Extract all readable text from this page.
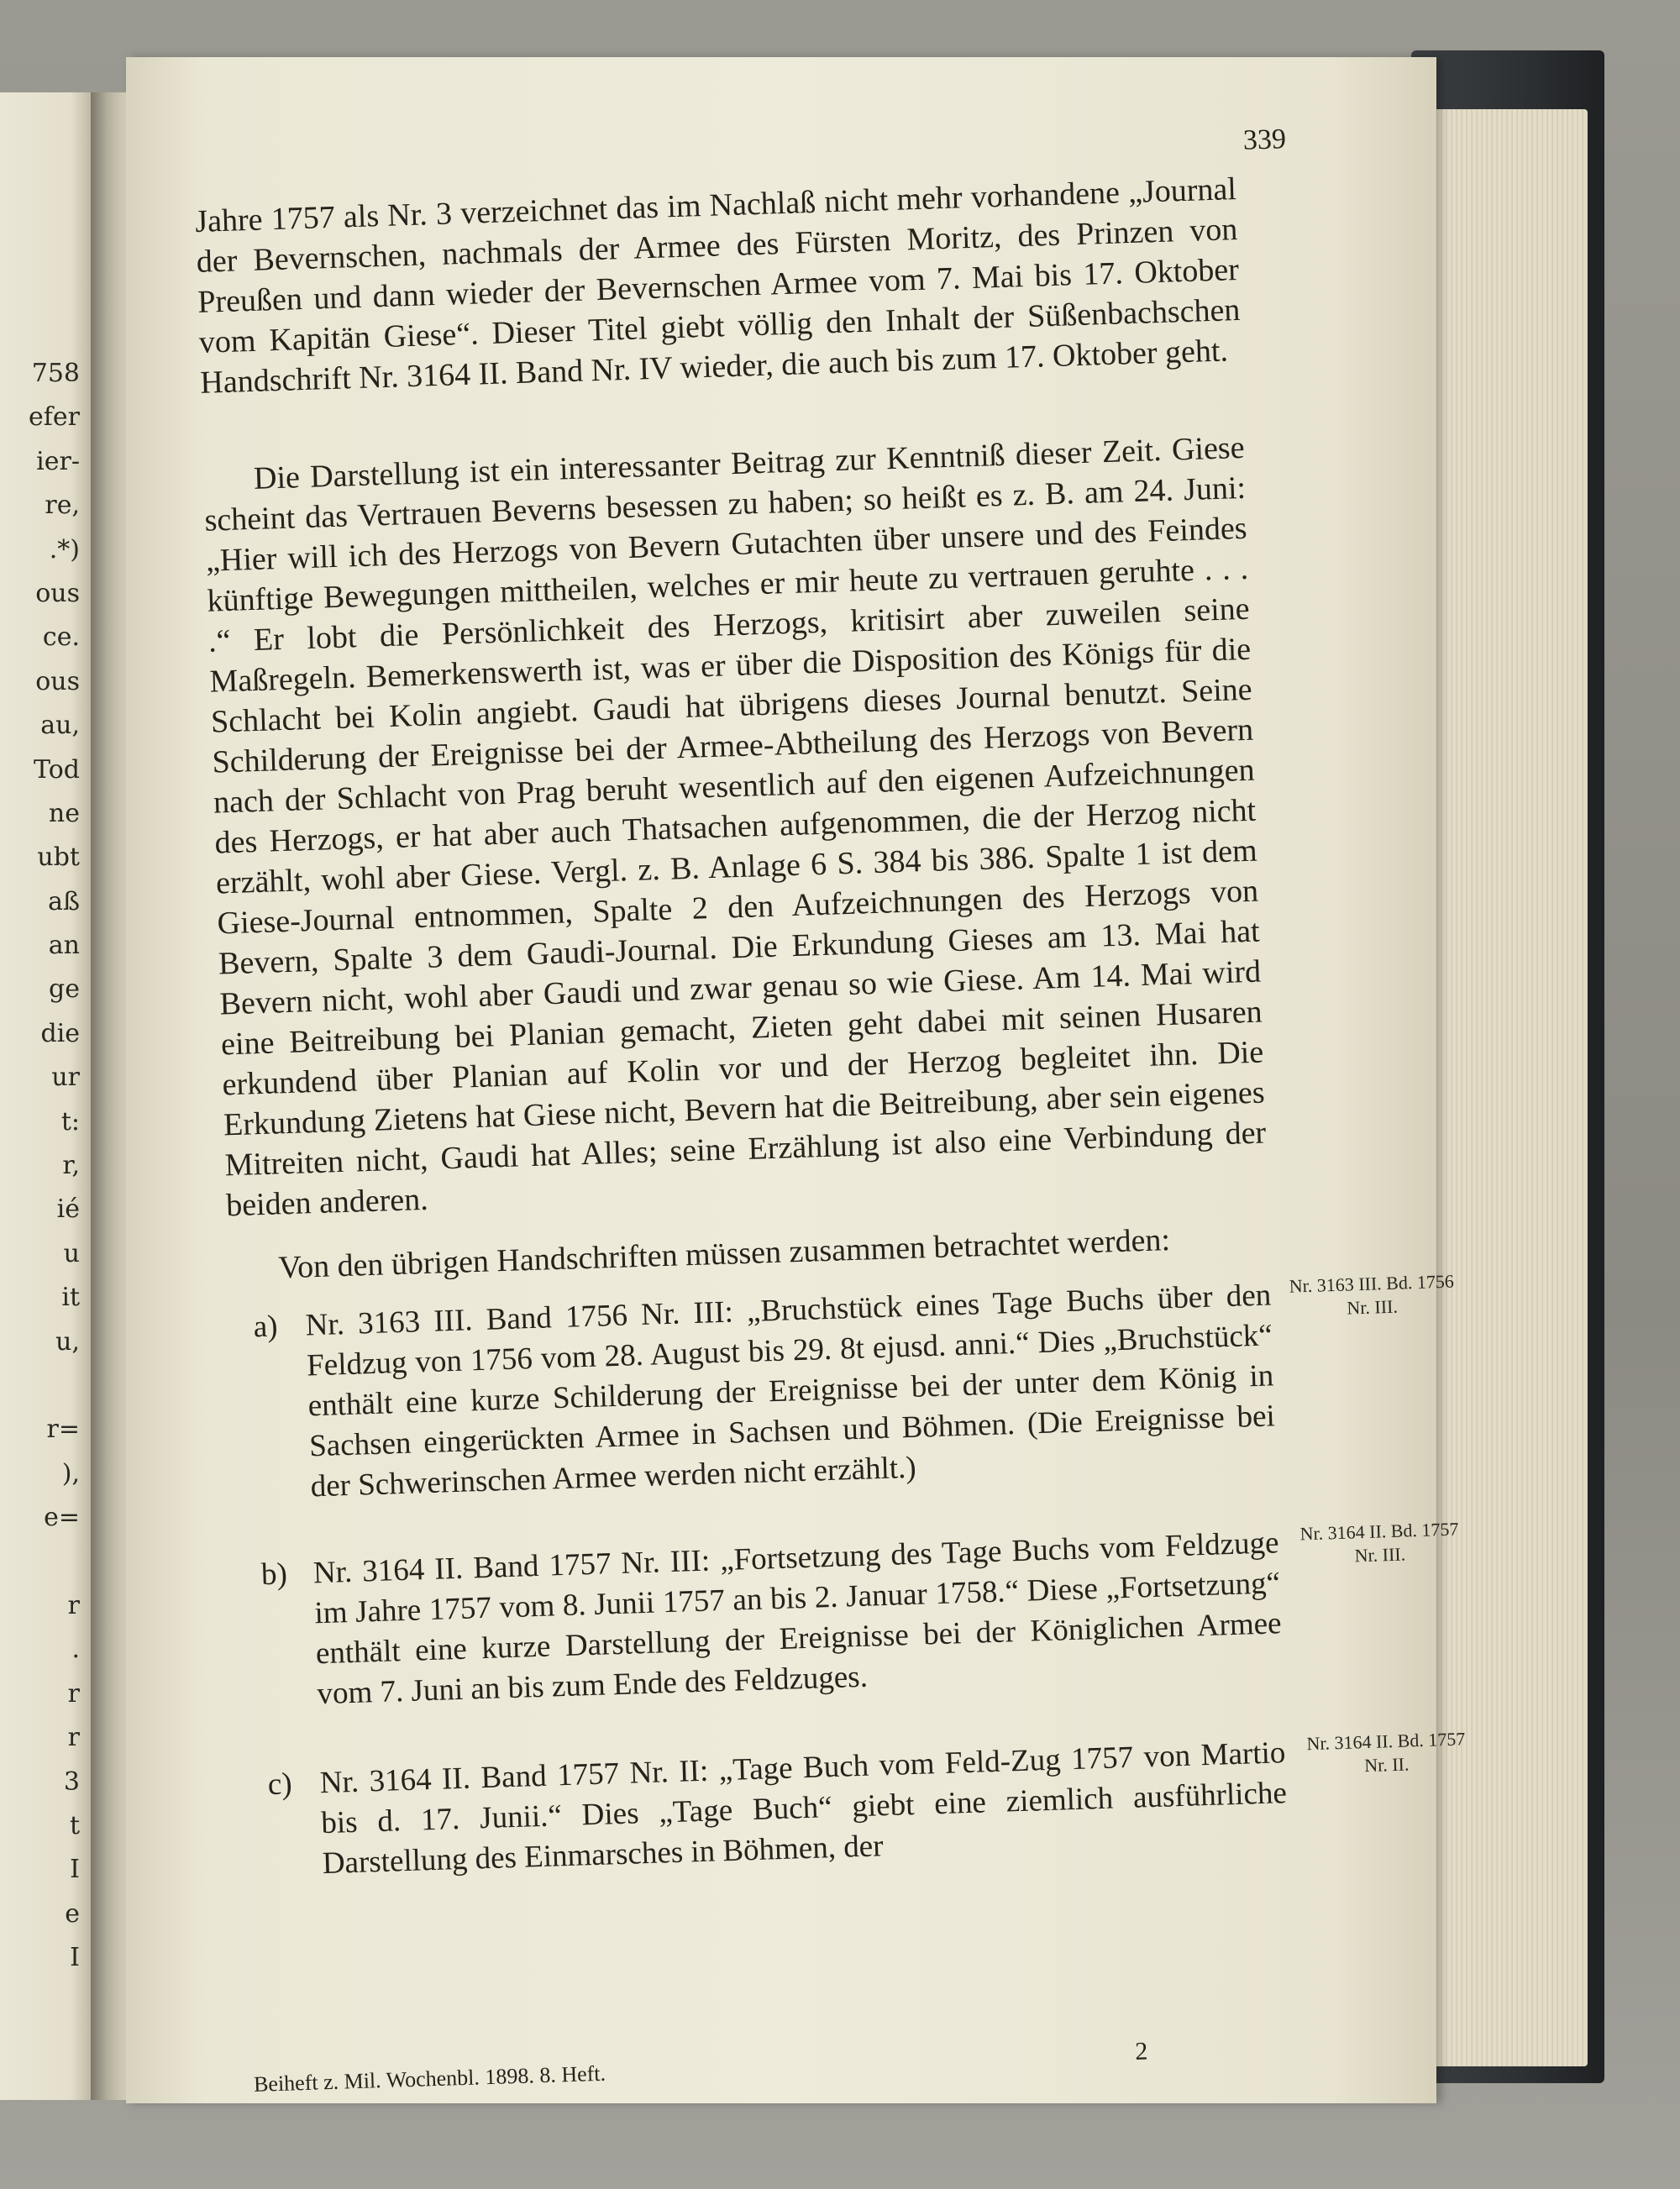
758
efer
ier-
re,
.*)
ous
ce.
ous
au,
Tod
ne
ubt
aß
an
ge
die
ur
t:
r,
ié
u
it
u,
r=
),
e=
r
.
r
r
3
t
I
e
I
339

Jahre 1757 als Nr. 3 verzeichnet das im Nachlaß nicht mehr vorhandene „Journal der Bevernschen, nachmals der Armee des Fürsten Moritz, des Prinzen von Preußen und dann wieder der Bevernschen Armee vom 7. Mai bis 17. Oktober vom Kapitän Giese“. Dieser Titel giebt völlig den Inhalt der Süßenbachschen Handschrift Nr. 3164 II. Band Nr. IV wieder, die auch bis zum 17. Oktober geht.

Die Darstellung ist ein interessanter Beitrag zur Kenntniß dieser Zeit. Giese scheint das Vertrauen Beverns besessen zu haben; so heißt es z. B. am 24. Juni: „Hier will ich des Herzogs von Bevern Gutachten über unsere und des Feindes künftige Bewegungen mittheilen, welches er mir heute zu vertrauen geruhte . . . .“ Er lobt die Persönlichkeit des Herzogs, kritisirt aber zuweilen seine Maßregeln. Bemerkenswerth ist, was er über die Disposition des Königs für die Schlacht bei Kolin angiebt. Gaudi hat übrigens dieses Journal benutzt. Seine Schilderung der Ereignisse bei der Armee-Abtheilung des Herzogs von Bevern nach der Schlacht von Prag beruht wesentlich auf den eigenen Aufzeichnungen des Herzogs, er hat aber auch Thatsachen aufgenommen, die der Herzog nicht erzählt, wohl aber Giese. Vergl. z. B. Anlage 6 S. 384 bis 386. Spalte 1 ist dem Giese-Journal entnommen, Spalte 2 den Aufzeichnungen des Herzogs von Bevern, Spalte 3 dem Gaudi-Journal. Die Erkundung Gieses am 13. Mai hat Bevern nicht, wohl aber Gaudi und zwar genau so wie Giese. Am 14. Mai wird eine Beitreibung bei Planian gemacht, Zieten geht dabei mit seinen Husaren erkundend über Planian auf Kolin vor und der Herzog begleitet ihn. Die Erkundung Zietens hat Giese nicht, Bevern hat die Beitreibung, aber sein eigenes Mitreiten nicht, Gaudi hat Alles; seine Erzählung ist also eine Verbindung der beiden anderen.

Von den übrigen Handschriften müssen zusammen betrachtet werden:

a) Nr. 3163 III. Band 1756 Nr. III: „Bruchstück eines Tage Buchs über den Feldzug von 1756 vom 28. August bis 29. 8t ejusd. anni.“ Dies „Bruchstück“ enthält eine kurze Schilderung der Ereignisse bei der unter dem König in Sachsen eingerückten Armee in Sachsen und Böhmen. (Die Ereignisse bei der Schwerinschen Armee werden nicht erzählt.)
Nr. 3163 III. Bd. 1756 Nr. III.
b) Nr. 3164 II. Band 1757 Nr. III: „Fortsetzung des Tage Buchs vom Feldzuge im Jahre 1757 vom 8. Junii 1757 an bis 2. Januar 1758.“ Diese „Fortsetzung“ enthält eine kurze Darstellung der Ereignisse bei der Königlichen Armee vom 7. Juni an bis zum Ende des Feldzuges.
Nr. 3164 II. Bd. 1757 Nr. III.
c) Nr. 3164 II. Band 1757 Nr. II: „Tage Buch vom Feld-Zug 1757 von Martio bis d. 17. Junii.“ Dies „Tage Buch“ giebt eine ziemlich ausführliche Darstellung des Einmarsches in Böhmen, der
Nr. 3164 II. Bd. 1757 Nr. II.
Beiheft z. Mil. Wochenbl. 1898. 8. Heft.
2
